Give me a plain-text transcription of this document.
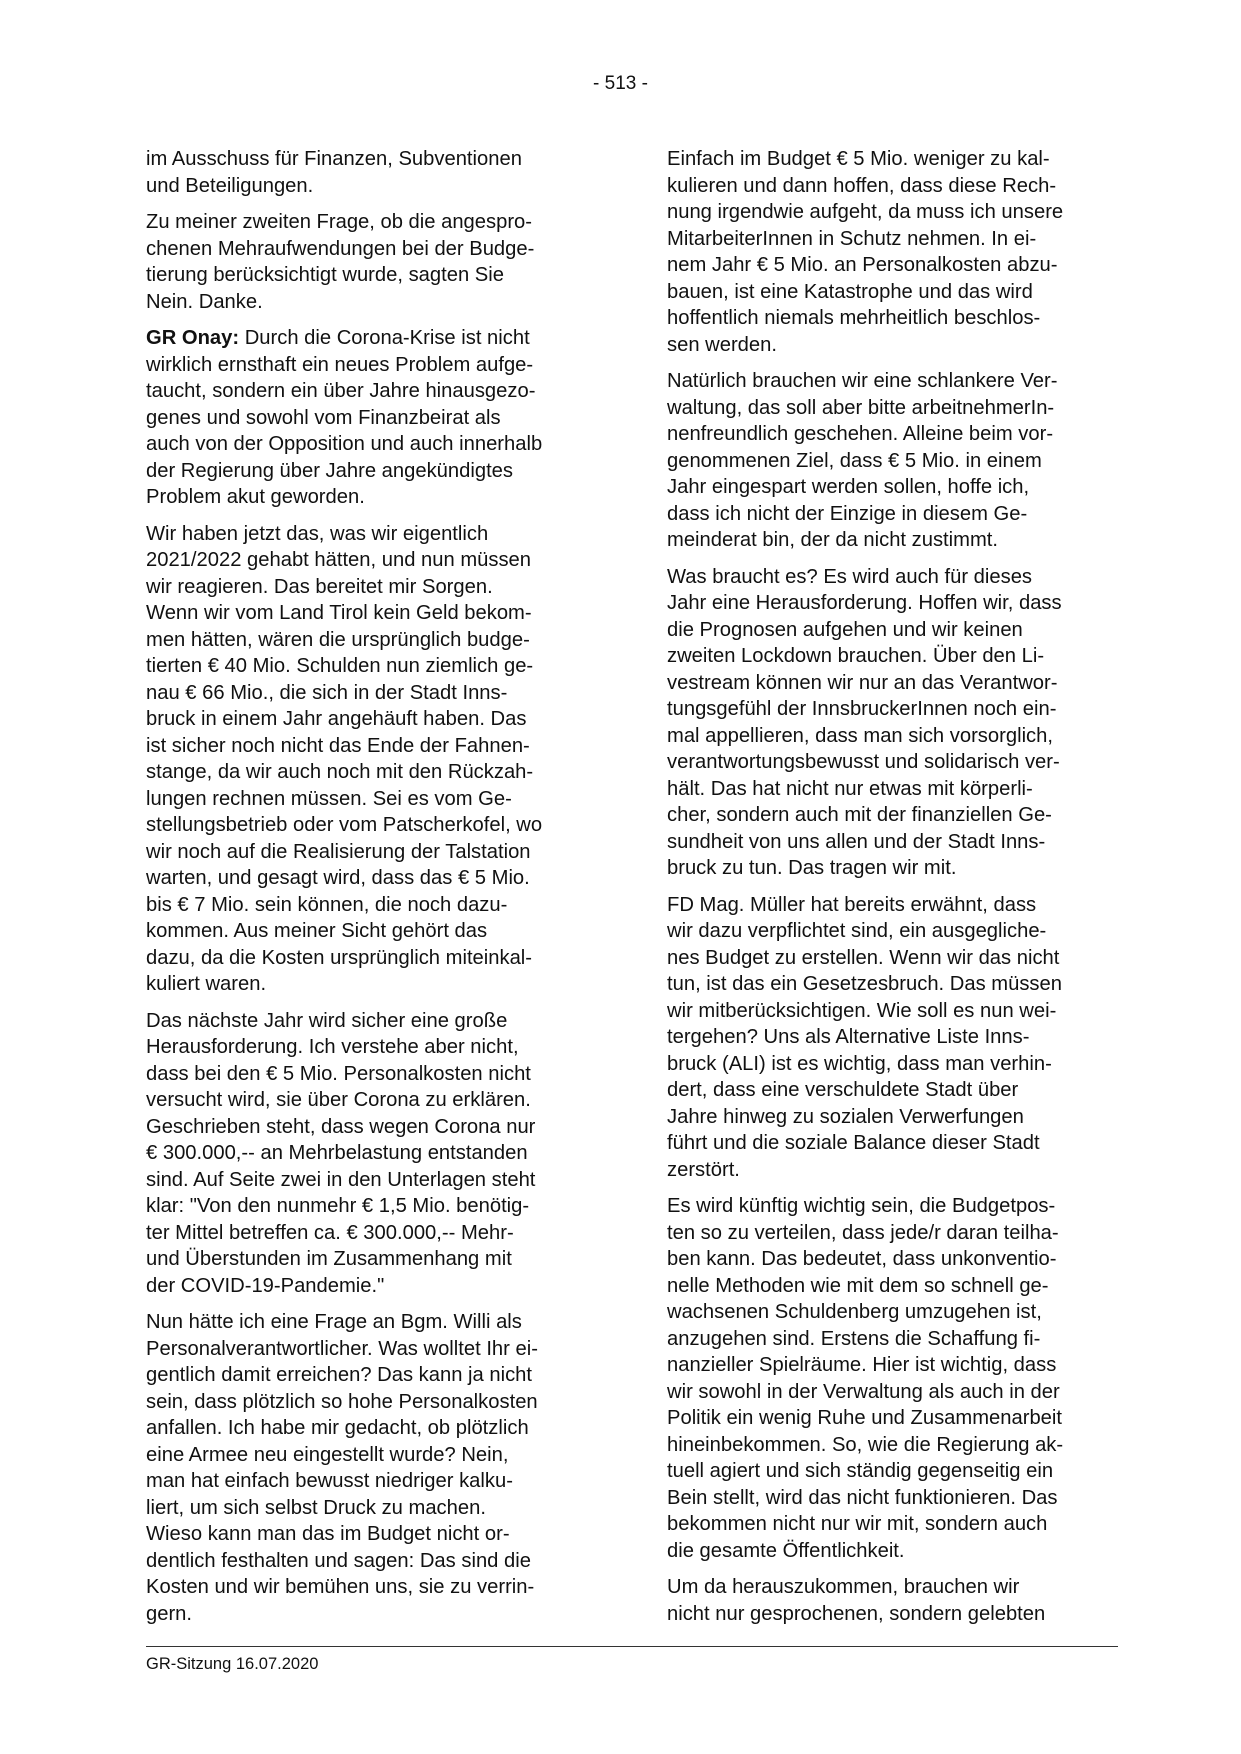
- 513 -

im Ausschuss für Finanzen, Subventionen
und Beteiligungen.

Zu meiner zweiten Frage, ob die angespro-
chenen Mehraufwendungen bei der Budge-
tierung berücksichtigt wurde, sagten Sie
Nein. Danke.

GR Onay: Durch die Corona-Krise ist nicht
wirklich ernsthaft ein neues Problem aufge-
taucht, sondern ein über Jahre hinausgezo-
genes und sowohl vom Finanzbeirat als
auch von der Opposition und auch innerhalb
der Regierung über Jahre angekündigtes
Problem akut geworden.

Wir haben jetzt das, was wir eigentlich
2021/2022 gehabt hätten, und nun müssen
wir reagieren. Das bereitet mir Sorgen.
Wenn wir vom Land Tirol kein Geld bekom-
men hätten, wären die ursprünglich budge-
tierten € 40 Mio. Schulden nun ziemlich ge-
nau € 66 Mio., die sich in der Stadt Inns-
bruck in einem Jahr angehäuft haben. Das
ist sicher noch nicht das Ende der Fahnen-
stange, da wir auch noch mit den Rückzah-
lungen rechnen müssen. Sei es vom Ge-
stellungsbetrieb oder vom Patscherkofel, wo
wir noch auf die Realisierung der Talstation
warten, und gesagt wird, dass das € 5 Mio.
bis € 7 Mio. sein können, die noch dazu-
kommen. Aus meiner Sicht gehört das
dazu, da die Kosten ursprünglich miteinkal-
kuliert waren.

Das nächste Jahr wird sicher eine große
Herausforderung. Ich verstehe aber nicht,
dass bei den € 5 Mio. Personalkosten nicht
versucht wird, sie über Corona zu erklären.
Geschrieben steht, dass wegen Corona nur
€ 300.000,-- an Mehrbelastung entstanden
sind. Auf Seite zwei in den Unterlagen steht
klar: "Von den nunmehr € 1,5 Mio. benötig-
ter Mittel betreffen ca. € 300.000,-- Mehr-
und Überstunden im Zusammenhang mit
der COVID-19-Pandemie."

Nun hätte ich eine Frage an Bgm. Willi als
Personalverantwortlicher. Was wolltet Ihr ei-
gentlich damit erreichen? Das kann ja nicht
sein, dass plötzlich so hohe Personalkosten
anfallen. Ich habe mir gedacht, ob plötzlich
eine Armee neu eingestellt wurde? Nein,
man hat einfach bewusst niedriger kalku-
liert, um sich selbst Druck zu machen.
Wieso kann man das im Budget nicht or-
dentlich festhalten und sagen: Das sind die
Kosten und wir bemühen uns, sie zu verrin-
gern.

Einfach im Budget € 5 Mio. weniger zu kal-
kulieren und dann hoffen, dass diese Rech-
nung irgendwie aufgeht, da muss ich unsere
MitarbeiterInnen in Schutz nehmen. In ei-
nem Jahr € 5 Mio. an Personalkosten abzu-
bauen, ist eine Katastrophe und das wird
hoffentlich niemals mehrheitlich beschlos-
sen werden.

Natürlich brauchen wir eine schlankere Ver-
waltung, das soll aber bitte arbeitnehmerIn-
nenfreundlich geschehen. Alleine beim vor-
genommenen Ziel, dass € 5 Mio. in einem
Jahr eingespart werden sollen, hoffe ich,
dass ich nicht der Einzige in diesem Ge-
meinderat bin, der da nicht zustimmt.

Was braucht es? Es wird auch für dieses
Jahr eine Herausforderung. Hoffen wir, dass
die Prognosen aufgehen und wir keinen
zweiten Lockdown brauchen. Über den Li-
vestream können wir nur an das Verantwor-
tungsgefühl der InnsbruckerInnen noch ein-
mal appellieren, dass man sich vorsorglich,
verantwortungsbewusst und solidarisch ver-
hält. Das hat nicht nur etwas mit körperli-
cher, sondern auch mit der finanziellen Ge-
sundheit von uns allen und der Stadt Inns-
bruck zu tun. Das tragen wir mit.

FD Mag. Müller hat bereits erwähnt, dass
wir dazu verpflichtet sind, ein ausgegliche-
nes Budget zu erstellen. Wenn wir das nicht
tun, ist das ein Gesetzesbruch. Das müssen
wir mitberücksichtigen. Wie soll es nun wei-
tergehen? Uns als Alternative Liste Inns-
bruck (ALI) ist es wichtig, dass man verhin-
dert, dass eine verschuldete Stadt über
Jahre hinweg zu sozialen Verwerfungen
führt und die soziale Balance dieser Stadt
zerstört.

Es wird künftig wichtig sein, die Budgetpos-
ten so zu verteilen, dass jede/r daran teilha-
ben kann. Das bedeutet, dass unkonventio-
nelle Methoden wie mit dem so schnell ge-
wachsenen Schuldenberg umzugehen ist,
anzugehen sind. Erstens die Schaffung fi-
nanzieller Spielräume. Hier ist wichtig, dass
wir sowohl in der Verwaltung als auch in der
Politik ein wenig Ruhe und Zusammenarbeit
hineinbekommen. So, wie die Regierung ak-
tuell agiert und sich ständig gegenseitig ein
Bein stellt, wird das nicht funktionieren. Das
bekommen nicht nur wir mit, sondern auch
die gesamte Öffentlichkeit.

Um da herauszukommen, brauchen wir
nicht nur gesprochenen, sondern gelebten

GR-Sitzung 16.07.2020
